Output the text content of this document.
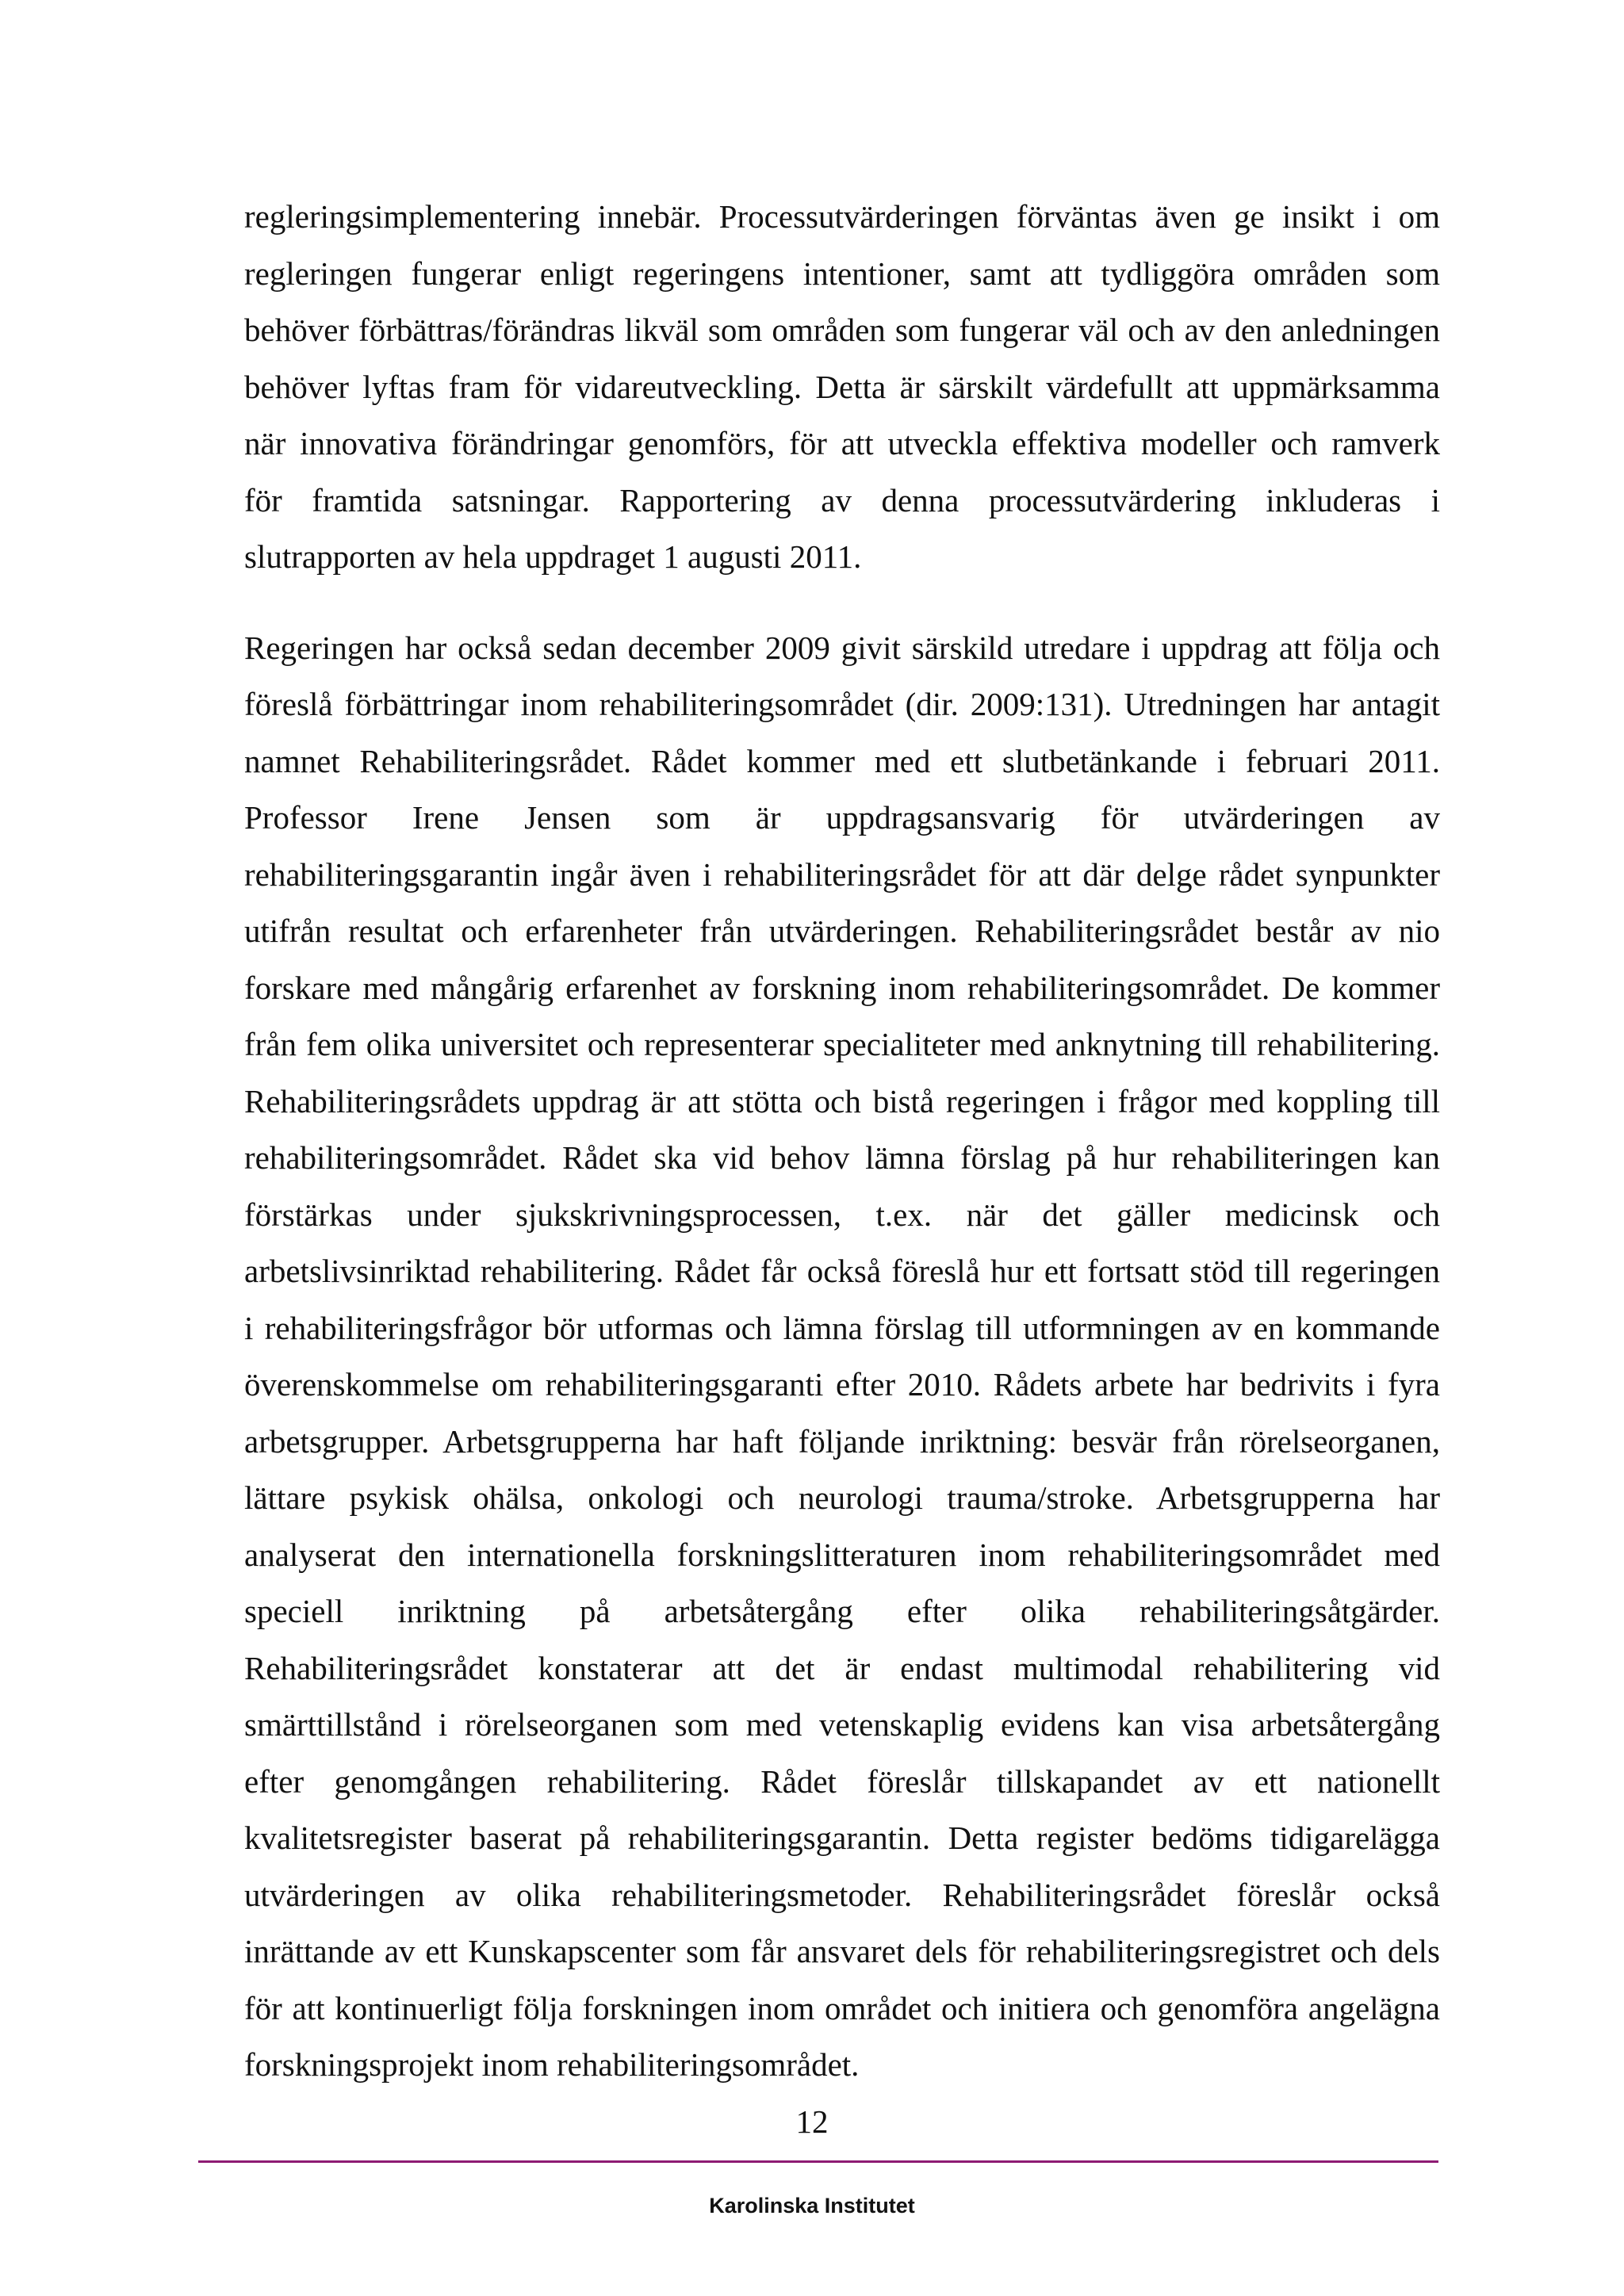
regleringsimplementering innebär. Processutvärderingen förväntas även ge insikt i om
regleringen fungerar enligt regeringens intentioner, samt att tydliggöra områden som
behöver förbättras/förändras likväl som områden som fungerar väl och av den anledningen
behöver lyftas fram för vidareutveckling. Detta är särskilt värdefullt att uppmärksamma
när innovativa förändringar genomförs, för att utveckla effektiva modeller och ramverk
för framtida satsningar. Rapportering av denna processutvärdering inkluderas i
slutrapporten av hela uppdraget 1 augusti 2011.
Regeringen har också sedan december 2009 givit särskild utredare i uppdrag att följa och
föreslå förbättringar inom rehabiliteringsområdet (dir. 2009:131). Utredningen har antagit
namnet Rehabiliteringsrådet. Rådet kommer med ett slutbetänkande i februari 2011.
Professor Irene Jensen som är uppdragsansvarig för utvärderingen av
rehabiliteringsgarantin ingår även i rehabiliteringsrådet för att där delge rådet synpunkter
utifrån resultat och erfarenheter från utvärderingen. Rehabiliteringsrådet består av nio
forskare med mångårig erfarenhet av forskning inom rehabiliteringsområdet. De kommer
från fem olika universitet och representerar specialiteter med anknytning till rehabilitering.
Rehabiliteringsrådets uppdrag är att stötta och bistå regeringen i frågor med koppling till
rehabiliteringsområdet. Rådet ska vid behov lämna förslag på hur rehabiliteringen kan
förstärkas under sjukskrivningsprocessen, t.ex. när det gäller medicinsk och
arbetslivsinriktad rehabilitering. Rådet får också föreslå hur ett fortsatt stöd till regeringen
i rehabiliteringsfrågor bör utformas och lämna förslag till utformningen av en kommande
överenskommelse om rehabiliteringsgaranti efter 2010. Rådets arbete har bedrivits i fyra
arbetsgrupper. Arbetsgrupperna har haft följande inriktning: besvär från rörelseorganen,
lättare psykisk ohälsa, onkologi och neurologi trauma/stroke. Arbetsgrupperna har
analyserat den internationella forskningslitteraturen inom rehabiliteringsområdet med
speciell inriktning på arbetsåtergång efter olika rehabiliteringsåtgärder.
Rehabiliteringsrådet konstaterar att det är endast multimodal rehabilitering vid
smärttillstånd i rörelseorganen som med vetenskaplig evidens kan visa arbetsåtergång
efter genomgången rehabilitering. Rådet föreslår tillskapandet av ett nationellt
kvalitetsregister baserat på rehabiliteringsgarantin. Detta register bedöms tidigarelägga
utvärderingen av olika rehabiliteringsmetoder. Rehabiliteringsrådet föreslår också
inrättande av ett Kunskapscenter som får ansvaret dels för rehabiliteringsregistret och dels
för att kontinuerligt följa forskningen inom området och initiera och genomföra angelägna
forskningsprojekt inom rehabiliteringsområdet.
12
Karolinska Institutet
